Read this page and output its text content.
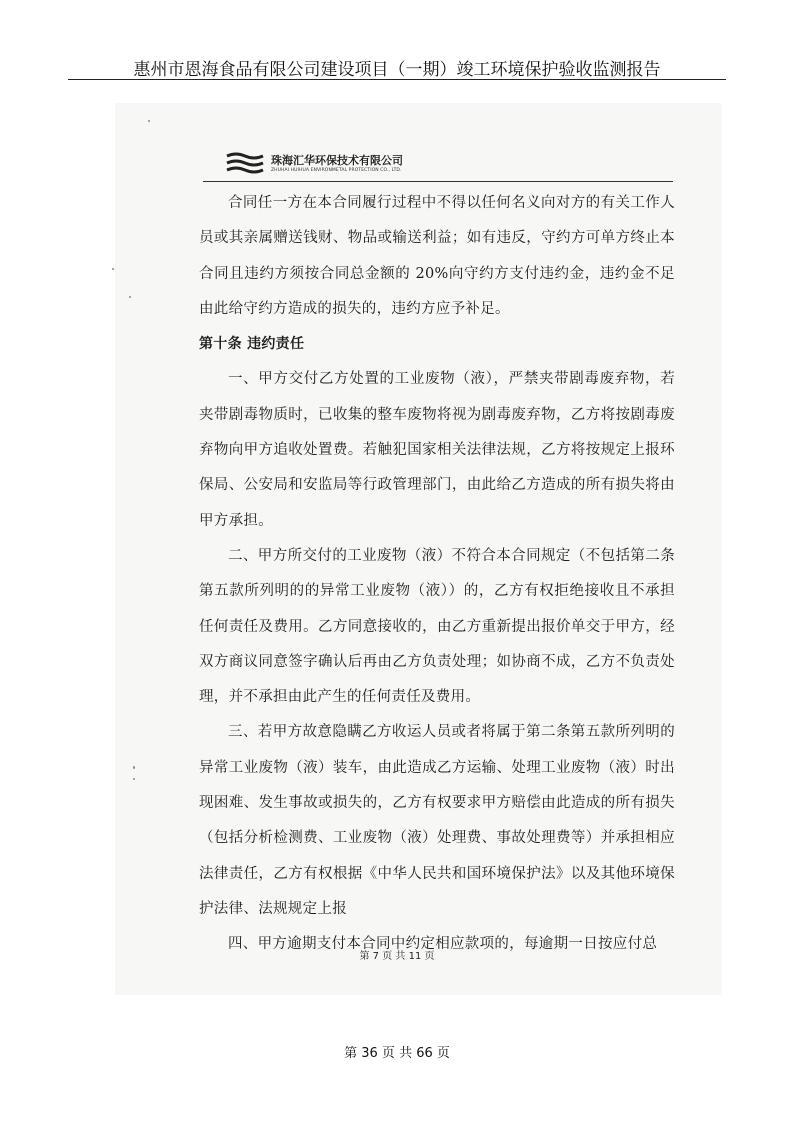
惠州市恩海食品有限公司建设项目（一期）竣工环境保护验收监测报告
珠海汇华环保技术有限公司
ZHUHAI HUIHUA ENVIRONMETAL PROTECTION CO., LTD.

合同任一方在本合同履行过程中不得以任何名义向对方的有关工作人员或其亲属赠送钱财、物品或输送利益；如有违反，守约方可单方终止本合同且违约方须按合同总金额的 20%向守约方支付违约金，违约金不足由此给守约方造成的损失的，违约方应予补足。

第十条 违约责任

一、甲方交付乙方处置的工业废物（液），严禁夹带剧毒废弃物，若夹带剧毒物质时，已收集的整车废物将视为剧毒废弃物，乙方将按剧毒废弃物向甲方追收处置费。若触犯国家相关法律法规，乙方将按规定上报环保局、公安局和安监局等行政管理部门，由此给乙方造成的所有损失将由甲方承担。

二、甲方所交付的工业废物（液）不符合本合同规定（不包括第二条第五款所列明的的异常工业废物（液））的，乙方有权拒绝接收且不承担任何责任及费用。乙方同意接收的，由乙方重新提出报价单交于甲方，经双方商议同意签字确认后再由乙方负责处理；如协商不成，乙方不负责处理，并不承担由此产生的任何责任及费用。

三、若甲方故意隐瞒乙方收运人员或者将属于第二条第五款所列明的异常工业废物（液）装车，由此造成乙方运输、处理工业废物（液）时出现困难、发生事故或损失的，乙方有权要求甲方赔偿由此造成的所有损失（包括分析检测费、工业废物（液）处理费、事故处理费等）并承担相应法律责任，乙方有权根据《中华人民共和国环境保护法》以及其他环境保护法律、法规规定上报

四、甲方逾期支付本合同中约定相应款项的，每逾期一日按应付总

第 7 页 共 11 页
第 36 页 共 66 页
